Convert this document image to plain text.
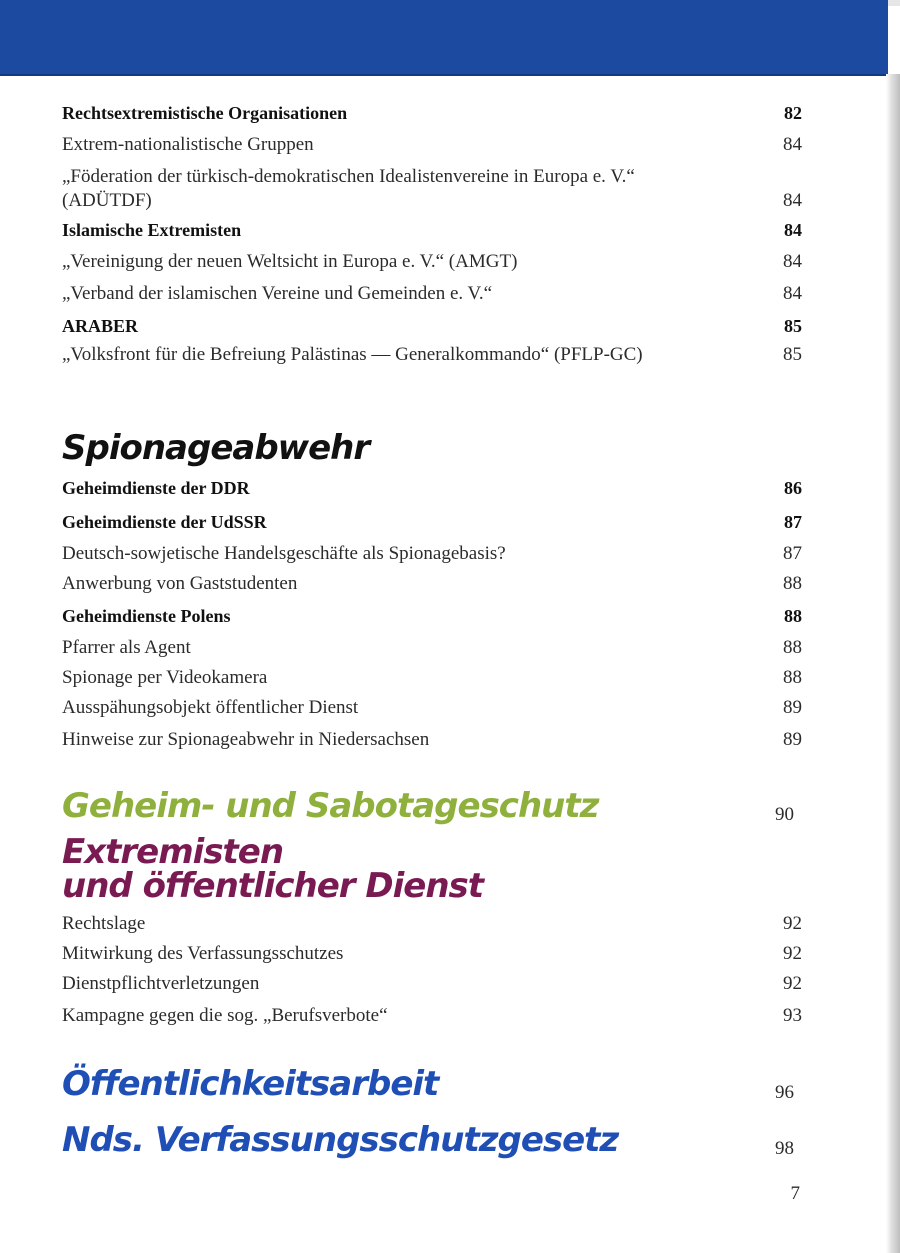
Rechtsextremistische Organisationen	82
Extrem-nationalistische Gruppen	84
„Föderation der türkisch-demokratischen Idealistenvereine in Europa e. V.“ (ADÜTDF)	84
Islamische Extremisten	84
„Vereinigung der neuen Weltsicht in Europa e. V.“ (AMGT)	84
„Verband der islamischen Vereine und Gemeinden e. V.“	84
ARABER	85
„Volksfront für die Befreiung Palästinas — Generalkommando“ (PFLP-GC)	85
Spionageabwehr
Geheimdienste der DDR	86
Geheimdienste der UdSSR	87
Deutsch-sowjetische Handelsgeschäfte als Spionagebasis?	87
Anwerbung von Gaststudenten	88
Geheimdienste Polens	88
Pfarrer als Agent	88
Spionage per Videokamera	88
Ausspähungsobjekt öffentlicher Dienst	89
Hinweise zur Spionageabwehr in Niedersachsen	89
Geheim- und Sabotageschutz	90
Extremisten
und öffentlicher Dienst
Rechtslage	92
Mitwirkung des Verfassungsschutzes	92
Dienstpflichtverletzungen	92
Kampagne gegen die sog. „Berufsverbote“	93
Öffentlichkeitsarbeit	96
Nds. Verfassungsschutzgesetz	98
7
